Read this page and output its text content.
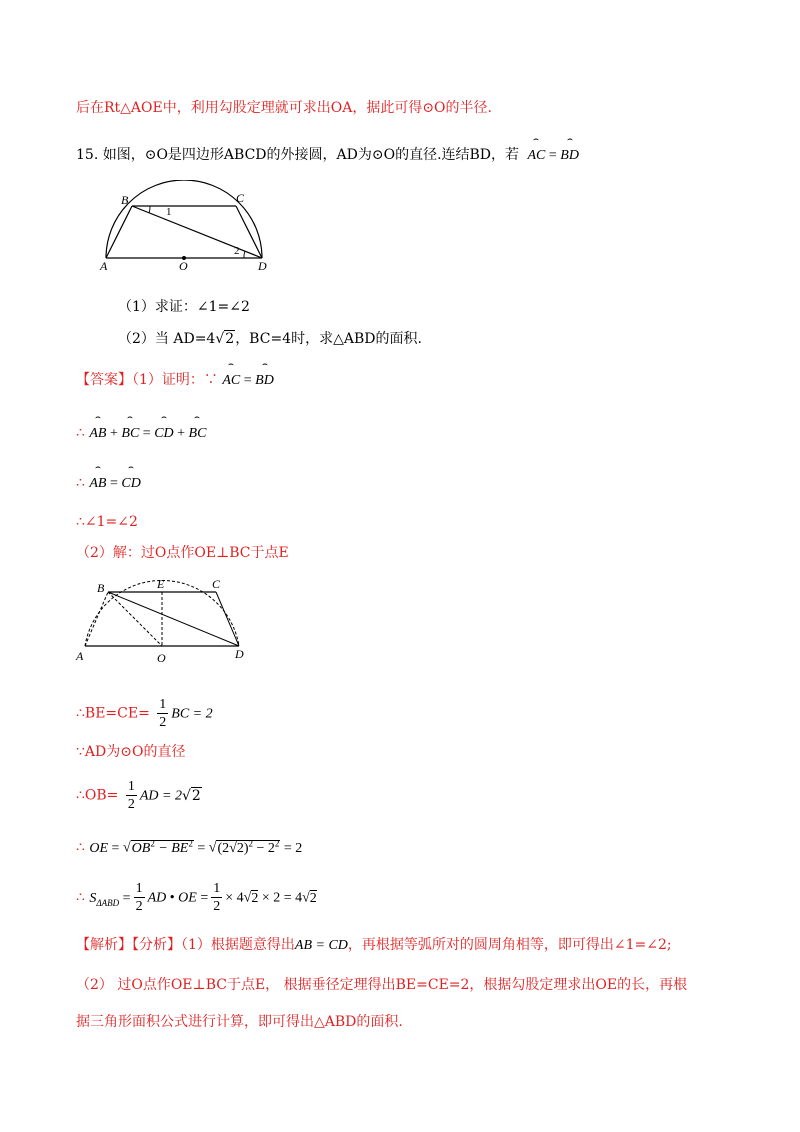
后在Rt△AOE中，利用勾股定理就可求出OA，据此可得⊙O的半径.
15. 如图，⊙O是四边形ABCD的外接圆，AD为⊙O的直径.连结BD，若 ⌢ AC = ⌢ BD
B	C
A	O	D
1
2
（1）求证：∠1=∠2
（2）当 AD=4√2，BC=4时，求△ABD的面积.
【答案】（1）证明：∵ ⌢ AC = ⌢ BD
∴ ⌢ AB + ⌢ BC = ⌢ CD + ⌢ BC
∴ ⌢ AB = ⌢ CD
∴∠1=∠2
（2）解：过O点作OE⊥BC于点E
B	E	C
A	O	D
∴BE=CE= $\frac{1}{2}$ BC = 2
∵AD为⊙O的直径
∴OB= $\frac{1}{2}$ AD = 2√2
∴ OE = $√OB^2 - BE^2 = √(2√2)^2 - 2^2 = 2$
∴ $S_{\Delta ABD} = \frac{1}{2}$ AD • OE = $\frac{1}{2} \times 4√2 \times 2 = 4√2$
【解析】【分析】（1）根据题意得出AB = CD，再根据等弧所对的圆周角相等，即可得出∠1=∠2;
（2） 过O点作OE⊥BC于点E， 根据垂径定理得出BE=CE=2，根据勾股定理求出OE的长，再根
据三角形面积公式进行计算，即可得出△ABD的面积.
